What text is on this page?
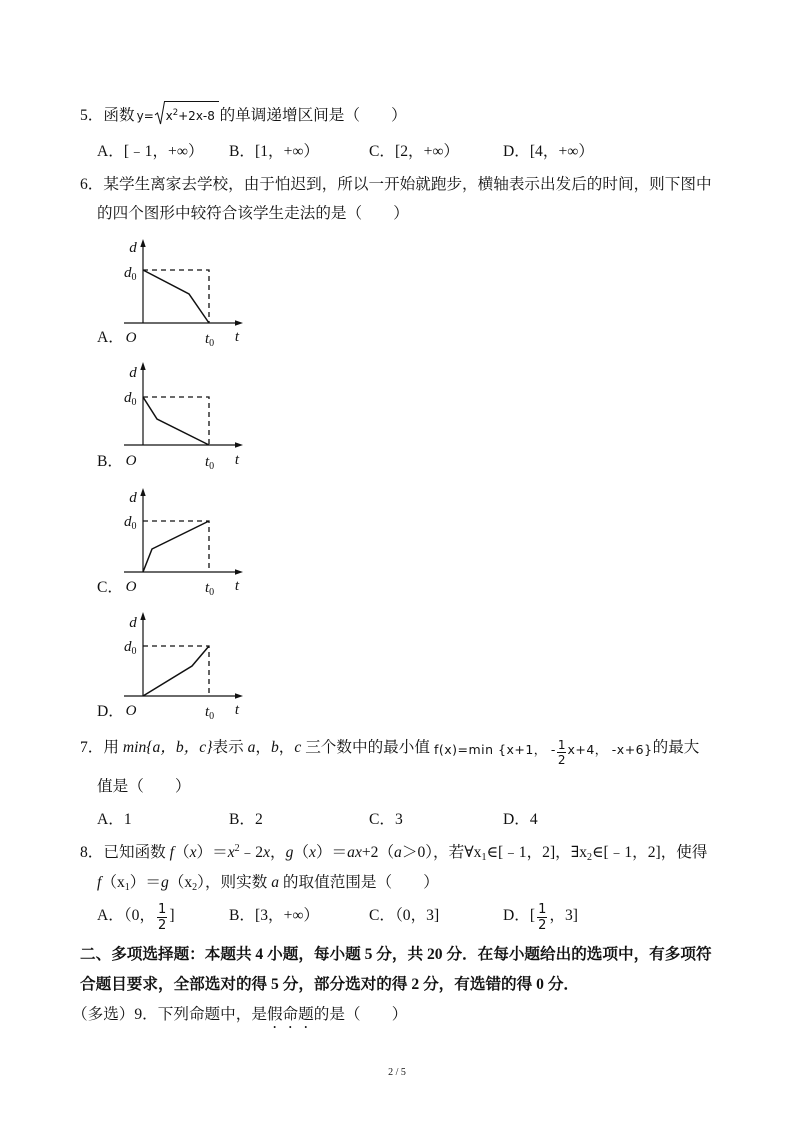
5．函数 $y= x^2+2x-8$ 的单调递增区间是（　　）
A．[﹣1，+∞） B．[1，+∞）	C．[2，+∞）	D．[4，+∞）
6．某学生离家去学校，由于怕迟到，所以一开始就跑步，横轴表示出发后的时间，则下图中
的四个图形中较符合该学生走法的是（　　）
d
$d_0$
O	$t_0$ t
d
$d_0$
O	$t_0$ t
d
$d_0$
O	$t_0$ t
d
$d_0$
O	$t_0$ t
A．
B．
C．
D．
7．用 min{a，b，c}表示 a，b，c 三个数中的最小值 f(x)=min {x+1， - $\frac{1}{2} x+4$， -x+6}的最大
值是（　　）
A．1	B．2	C．3	D．4
8．已知函数 $f(x)=x^2﹣2x$，g（x）＝ax+2（a＞0），若$\forall x_1\in[﹣1$，2]，$\exists x_2\in[﹣1$，2]，使得
$f(x_1)=g(x_2)$，则实数 a 的取值范围是（　　）
A．（0， $\frac{1}{2}$ ]	B．[3，+∞）	C．（0，3]	D．[ $\frac{1}{2}$ ，3]
二、多项选择题：本题共 4 小题，每小题 5 分，共 20 分．在每小题给出的选项中，有多项符
合题目要求，全部选对的得 5 分，部分选对的得 2 分，有选错的得 0 分．
（多选）9．下列命题中，是假命题的是（　　）
2 / 5
